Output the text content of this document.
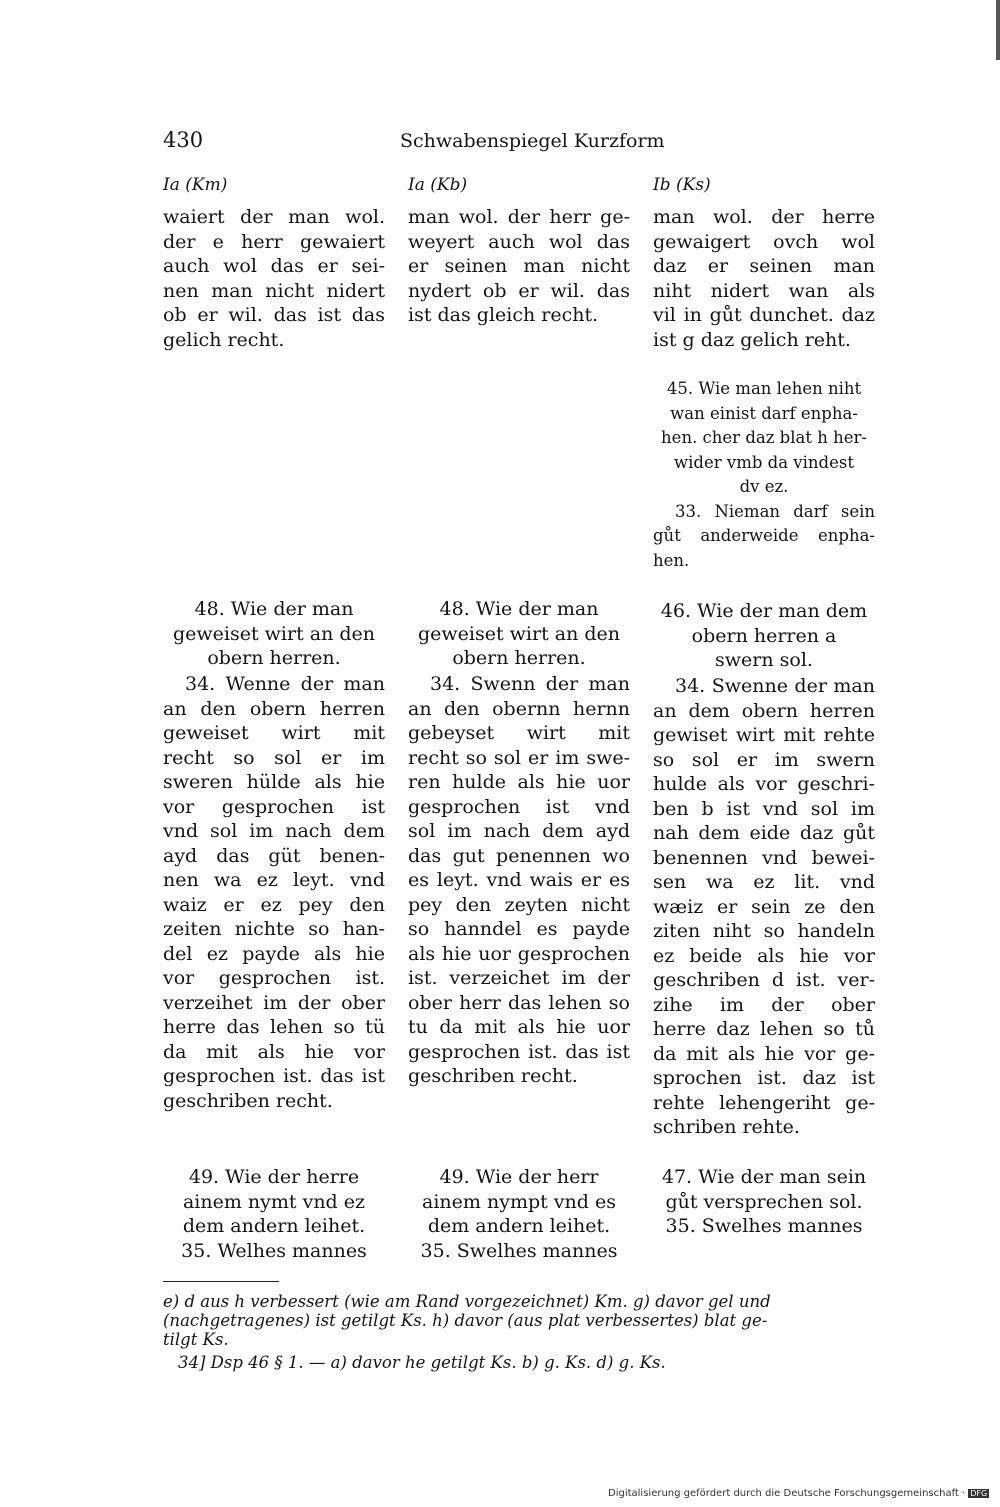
430	Schwabenspiegel Kurzform
Ia (Km)	Ia (Kb)	Ib (Ks)
waiert der man wol.
der e herr gewaiert
auch wol das er sei-
nen man nicht nidert
ob er wil. das ist das
gelich recht.
48. Wie der man
geweiset wirt an den
obern herren.
34. Wenne der man
an den obern herren
geweiset wirt mit
recht so sol er im
sweren hülde als hie
vor gesprochen ist
vnd sol im nach dem
ayd das güt benen-
nen wa ez leyt. vnd
waiz er ez pey den
zeiten nichte so han-
del ez payde als hie
vor gesprochen ist.
verzeihet im der ober
herre das lehen so tü
da mit als hie vor
gesprochen ist. das ist
geschriben recht.
49. Wie der herre
ainem nymt vnd ez
dem andern leihet.
35. Welhes mannes
man wol. der herr ge-
weyert auch wol das
er seinen man nicht
nydert ob er wil. das
ist das gleich recht.
48. Wie der man
geweiset wirt an den
obern herren.
34. Swenn der man
an den obernn hernn
gebeyset wirt mit
recht so sol er im swe-
ren hulde als hie uor
gesprochen ist vnd
sol im nach dem ayd
das gut penennen wo
es leyt. vnd wais er es
pey den zeyten nicht
so hanndel es payde
als hie uor gesprochen
ist. verzeichet im der
ober herr das lehen so
tu da mit als hie uor
gesprochen ist. das ist
geschriben recht.
49. Wie der herr
ainem nympt vnd es
dem andern leihet.
35. Swelhes mannes
man wol. der herre
gewaigert ovch wol
daz er seinen man
niht nidert wan als
vil in gůt dunchet. daz
ist g daz gelich reht.
45. Wie man lehen niht
wan einist darf enpha-
hen. cher daz blat h her-
wider vmb da vindest
dv ez.
33. Nieman darf sein
gůt anderweide enpha-
hen.
46. Wie der man dem
obern herren a
swern sol.
34. Swenne der man
an dem obern herren
gewiset wirt mit rehte
so sol er im swern
hulde als vor geschri-
ben b ist vnd sol im
nah dem eide daz gůt
benennen vnd bewei-
sen wa ez lit. vnd
wæiz er sein ze den
ziten niht so handeln
ez beide als hie vor
geschriben d ist. ver-
zihe im der ober
herre daz lehen so tů
da mit als hie vor ge-
sprochen ist. daz ist
rehte lehengeriht ge-
schriben rehte.
47. Wie der man sein
gůt versprechen sol.
35. Swelhes mannes
e) d aus h verbessert (wie am Rand vorgezeichnet) Km. g) davor gel und
(nachgetragenes) ist getilgt Ks. h) davor (aus plat verbessertes) blat ge-
tilgt Ks.
34] Dsp 46 § 1. — a) davor he getilgt Ks. b) g. Ks. d) g. Ks.
Digitalisierung gefördert durch die Deutsche Forschungsgemeinschaft · DFG
